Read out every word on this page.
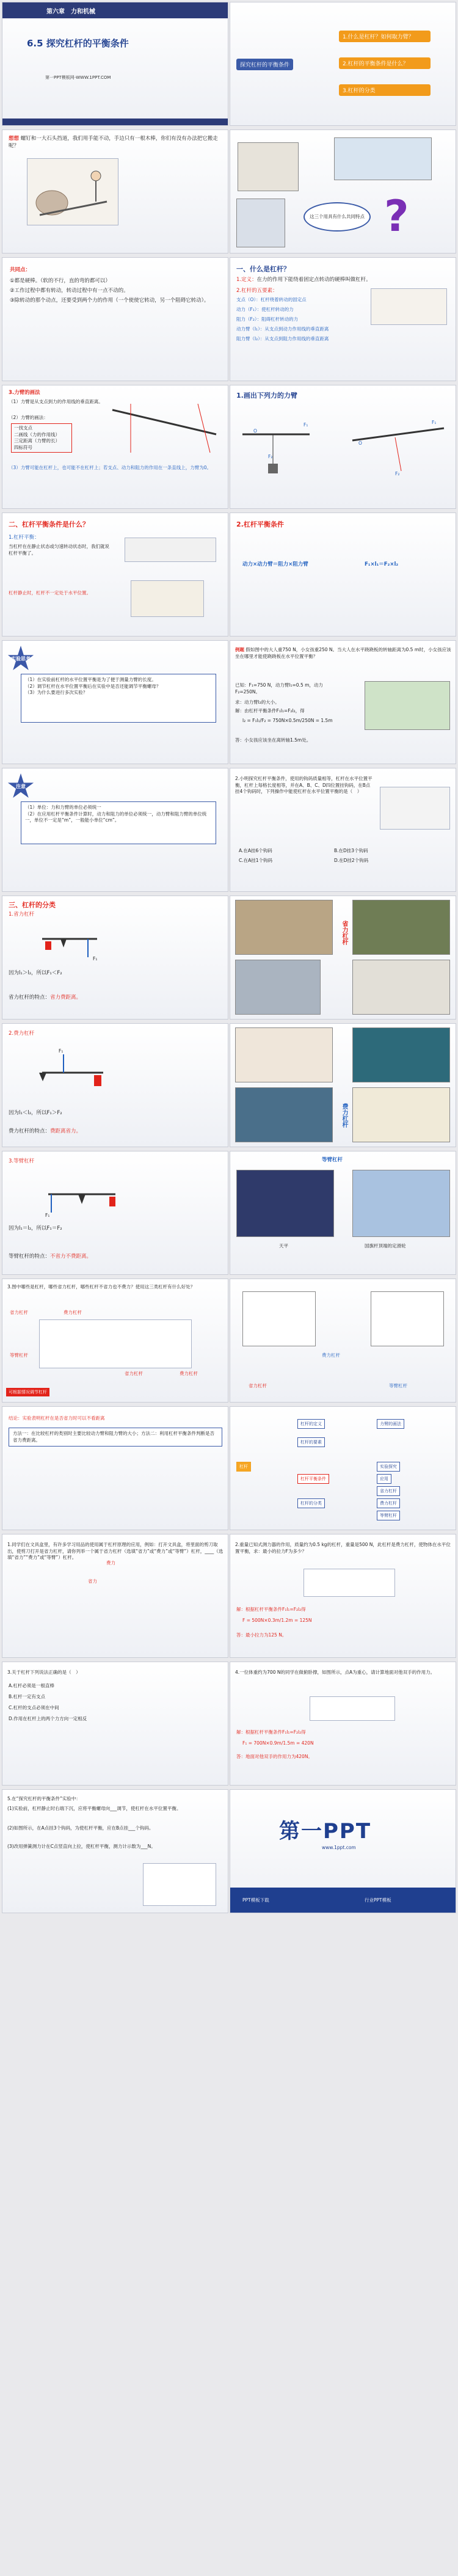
第六章　力和机械
6.5 探究杠杆的平衡条件
第一PPT模板网-WWW.1PPT.COM
探究杠杆的平衡条件
1.什么是杠杆？如何取力臂？
2.杠杆的平衡条件是什么？
3.杠杆的分类
想想 螺钉和一大石头挡道，我们用手能不动，手边只有一根木棒，你们有没有办法把它搬走呢？
这三个用具有什么共同特点 ?
共同点：
①都是硬棒。（软的不行，直的弯的都可以）
②工作过程中都有转动，转动过程中有一点不动的。
③除转动的那个动点，还要受到两个力的作用（一个使使它转动，另一个阻碍它转动）。
一、什么是杠杆？
1.定义：在力的作用下能绕着固定点转动的硬棒叫做杠杆。
2.杠杆的五要素：
支点（O）：杠杆绕着转动的固定点
动力（F₁）：使杠杆转动的力
阻力（F₂）：阻碍杠杆转动的力
动力臂（l₁）：从支点到动力作用线的垂直距离
阻力臂（l₂）：从支点到阻力作用线的垂直距离
3.力臂的画法
（1）力臂是从支点到力的作用线的垂直距离。
（2）力臂的画法：
一找支点
二画线（力的作用线）
三定距离（力臂的长）
四标符号
（3）力臂可能在杠杆上，也可能不在杠杆上；若支点、动力和阻力的作用在一条直线上，力臂为0。
1.画出下列力的力臂
F₁
F₂
O
F₁
F₂
O
二、杠杆平衡条件是什么？
1.杠杆平衡：
当杠杆在在静止状态或匀速转动状态时，我们就说杠杆平衡了。
杠杆静止时，杠杆不一定处于水平位置。
2.杠杆平衡条件
动力×动力臂＝阻力×阻力臂	F₁×l₁＝F₂×l₂
实验思考
（1）在实验前杠杆的水平位置平衡是为了便于测量力臂的长度。
（2）调节杠杆在水平位置平衡后在实验中是否还能调节平衡螺母？
（3）为什么要进行多次实验？
例题 假如图中的大人重750 N，小女孩重250 N。当大人在水平跷跷板的转轴距离为0.5 m时，小女孩应该坐在哪里才能使跷跷板在水平位置平衡？
已知：F₁=750 N，动力臂l₁=0.5 m，动力F₂=250N。
求：动力臂l₂的大小。
解：由杠杆平衡条件F₁l₁=F₂l₂，得
l₂ = F₁l₁/F₂ = 750N×0.5m/250N = 1.5m
答：小女孩应该坐在离转轴1.5m处。
注意
（1）单位：力和力臂的单位必须统一
（2）在应用杠杆平衡条件计算时，动力和阻力的单位必须统一，动力臂和阻力臂的单位统一，单位不一定是“m”，一般能小单位“cm”。
2.小明探究杠杆平衡条件，使用的钩码质量相等，杠杆在水平位置平衡，杠杆上每格长度相等，并在A、B、C、D四位置挂钩码，在B点挂4个钩码时，下列操作中能使杠杆在水平位置平衡的是（　）
A.在A挂6个钩码	B.在D挂3个钩码
C.在A挂1个钩码	D.在D挂2个钩码
三、杠杆的分类
1.省力杠杆
F₁
因为l₁＞l₂，所以F₁＜F₂
省力杠杆的特点：省力费距离。
省力杠杆
2.费力杠杆
F₁
因为l₁＜l₂，所以F₁＞F₂
费力杠杆的特点：费距离省力。
费力杠杆
3.等臂杠杆
F₁
因为l₁＝l₂，所以F₁＝F₂
等臂杠杆的特点：不省力不费距离。
等臂杠杆
天平	国旗杆顶端的定滑轮
3.图中哪些是杠杆，哪些省力杠杆，哪些杠杆不省力也不费力？使用这三类杠杆有什么好处？
省力杠杆	费力杠杆
等臂杠杆
省力杠杆	费力杠杆
可根据情况调节杠杆
省力杠杆
费力杠杆
等臂杠杆
结论：实验表明杠杆在是否省力时可以不看距离
方法一：在比较杠杆的类别时主要比较动力臂和阻力臂的大小；方法二：利用杠杆平衡条件判断是否省力费距离。
杠杆
杠杆的定义
杠杆的要素
杠杆平衡条件
杠杆的分类
省力杠杆
费力杠杆
等臂杠杆
力臂的画法
实验探究
应用
1.同学们在文具盒里，有许多学习用品的使用属于杠杆原理的应用，例如：打开文具盒，将里面的剪刀取出，使剪刀打开是省力杠杆，请你列举一个属于省力杠杆（选填“省力”或“费力”或“等臂”）杠杆，____（选填“省力”“费力”或“等臂”）杠杆。
费力
省力
2.重量已知式测力器的作用，质量约为0.5 kg的杠杆，重量是500 N，此杠杆是费力杠杆，使物体在水平位置平衡，求：最小的拉力F为多少？
解：根据杠杆平衡条件F₁l₁=F₂l₂得
F = 500N×0.3m/1.2m = 125N
答：最小拉力为125 N。
3.关于杠杆下列说法正确的是（　）
A.杠杆必须是一根直棒
B.杠杆一定有支点
C.杠杆的支点必须在中间
D.作用在杠杆上的两个力方向一定相反
4.一位体重约为700 N的同学在做俯卧撑，如图所示，点A为重心，请计算地面对他双手的作用力。
解：根据杠杆平衡条件F₁l₁=F₂l₂得
F₁ = 700N×0.9m/1.5m = 420N
答：地面对他双手的作用力为420N。
5.在“探究杠杆的平衡条件”实验中：
(1)实验前，杠杆静止时右端下沉，应将平衡螺母向___调节，使杠杆在水平位置平衡。
(2)如图所示，在A点挂3个钩码，为使杠杆平衡，应在B点挂___个钩码。
(3)改用弹簧测力计在C点竖直向上拉，使杠杆平衡，测力计示数为___N。
第一PPT
www.1ppt.com
PPT模板下载	行业PPT模板
